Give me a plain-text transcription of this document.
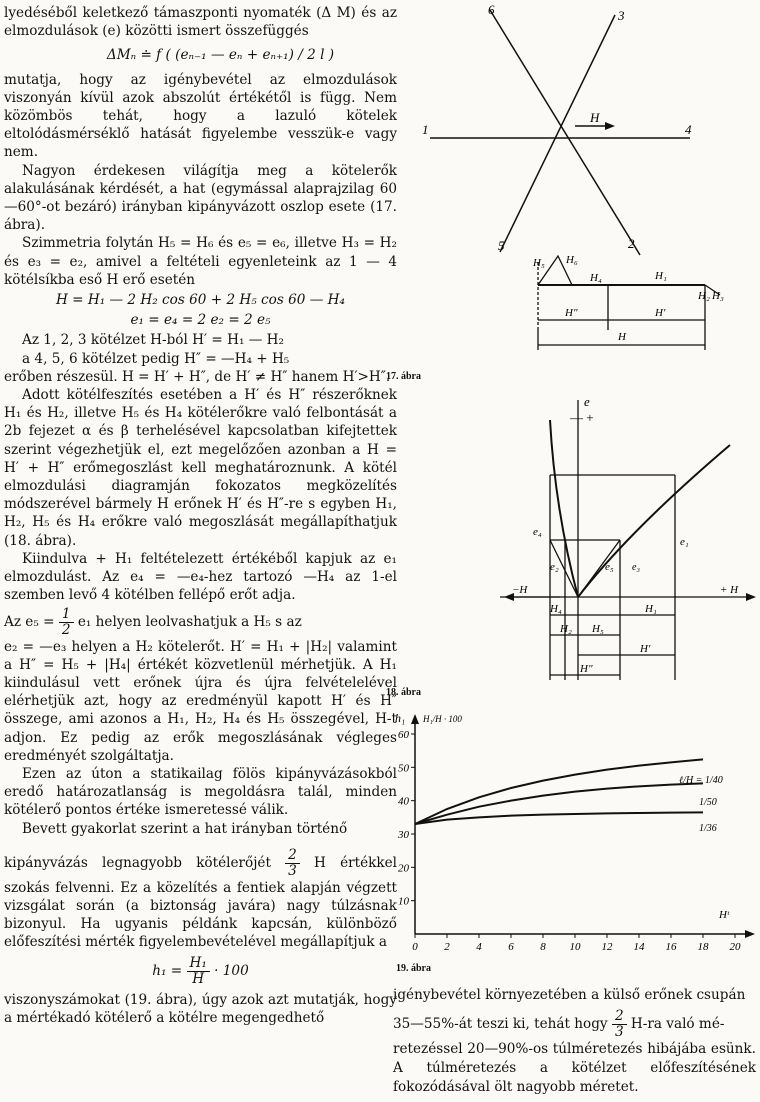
lyedéséből keletkező támaszponti nyomaték (Δ M) és az elmozdulások (e) közötti ismert összefüggés

ΔMₙ ≐ f ( (eₙ₋₁ — eₙ + eₙ₊₁) / 2 l )

mutatja, hogy az igénybevétel az elmozdulások viszonyán kívül azok abszolút értékétől is függ. Nem közömbös tehát, hogy a lazuló kötelek eltolódásmérséklő hatását figyelembe vesszük-e vagy nem.

Nagyon érdekesen világítja meg a kötelerők alakulásának kérdését, a hat (egymással alaprajzilag 60—60°-ot bezáró) irányban kipányvázott oszlop esete (17. ábra).

Szimmetria folytán H₅ = H₆ és e₅ = e₆, illetve H₃ = H₂ és e₃ = e₂, amivel a feltételi egyenleteink az 1 — 4 kötélsíkba eső H erő esetén

H = H₁ — 2 H₂ cos 60 + 2 H₅ cos 60 — H₄
e₁ = e₄ = 2 e₂ = 2 e₅

Az 1, 2, 3 kötélzet H-ból H′ = H₁ — H₂

a 4, 5, 6 kötélzet pedig H″ = —H₄ + H₅

erőben részesül. H = H′ + H″, de H′ ≠ H″ hanem H′>H″.

Adott kötélfeszítés esetében a H′ és H″ részerőknek H₁ és H₂, illetve H₅ és H₄ kötélerőkre való felbontását a 2b fejezet α és β terhelésével kapcsolatban kifejtettek szerint végezhetjük el, ezt megelőzően azonban a H = H′ + H″ erőmegoszlást kell meghatároznunk. A kötél elmozdulási diagramján fokozatos megközelítés módszerével bármely H erőnek H′ és H″-re s egyben H₁, H₂, H₅ és H₄ erőkre való megoszlását megállapíthatjuk (18. ábra).

Kiindulva + H₁ feltételezett értékéből kapjuk az e₁ elmozdulást. Az e₄ = —e₄-hez tartozó —H₄ az 1-el szemben levő 4 kötélben fellépő erőt adja.

Az $e_5 = \frac{1}{2} e_1$ helyen leolvashatjuk a H₅ s az

e₂ = —e₃ helyen a H₂ kötelerőt. H′ = H₁ + |H₂| valamint a H″ = H₅ + |H₄| értékét közvetlenül mérhetjük. A H₁ kiindulásul vett erőnek újra és újra felvételelével elérhetjük azt, hogy az eredményül kapott H′ és H″ összege, ami azonos a H₁, H₂, H₄ és H₅ összegével, H-t adjon. Ez pedig az erők megoszlásának végleges eredményét szolgáltatja.

Ezen az úton a statikailag fölös kipányvázásokból eredő határozatlanság is megoldásra talál, minden kötélerő pontos értéke ismeretessé válik.

Bevett gyakorlat szerint a hat irányban történő

kipányvázás legnagyobb kötélerőjét $\frac{2}{3}$ H értékkel szokás felvenni. Ez a közelítés a fentiek alapján végzett vizsgálat során (a biztonság javára) nagy túlzásnak bizonyul. Ha ugyanis példánk kapcsán, különböző előfeszítési mérték figyelembevételével megállapítjuk a

$h_1 = \frac{\text{H₁}}{H} \cdot 100$

viszonyszámokat (19. ábra), úgy azok azt mutatják, hogy a mértékadó kötélerő a kötélre megengedhető

6	3
1
H
4
5	2
H₅ H₆
H₄	H₁
H₂ H₃
H″	H′
H
17. ábra
e
— +
−H	+ H
e₄
e₂	e₅
e₁
e₃
H₄	H₁
H₂ H₅
H′
H″
18. ábra
0 2 4 6 8 10 12 14 16 18 20
10
20
30
40
50
60
h₁ H₁/H · 100
Hᵗ
ℓ/H = 1/40
1/50
1/36
19. ábra

igénybevétel környezetében a külső erőnek csupán

35—55%-át teszi ki, tehát hogy $\frac{2}{3} H-ra$ való mé-

retezéssel 20—90%-os túlméretezés hibájába esünk. A túlméretezés a kötélzet előfeszítésének fokozódásával ölt nagyobb méretet.
